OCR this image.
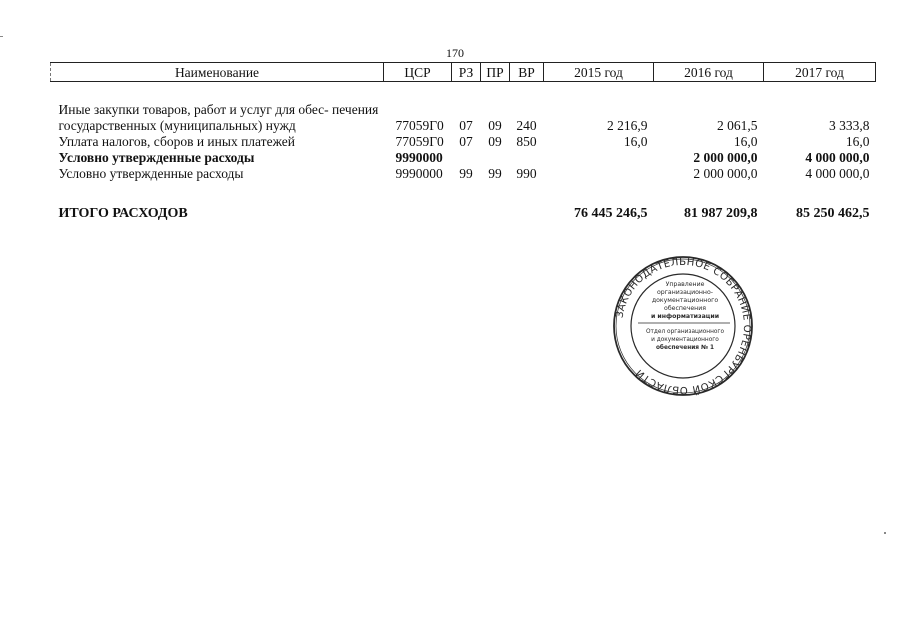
170
Наименование	ЦСР	РЗ	ПР	ВР	2015 год	2016 год	2017 год
Иные закупки товаров, работ и услуг для обес- печения государственных (муниципальных) нужд	77059Г0	07	09	240	2 216,9	2 061,5	3 333,8
Уплата налогов, сборов и иных платежей	77059Г0	07	09	850	16,0	16,0	16,0
Условно утвержденные расходы	9990000					2 000 000,0	4 000 000,0
Условно утвержденные расходы	9990000	99	99	990		2 000 000,0	4 000 000,0

ИТОГО РАСХОДОВ					76 445 246,5	81 987 209,8	85 250 462,5
ЗАКОНОДАТЕЛЬНОЕ СОБРАНИЕ ОРЕНБУРГСКОЙ ОБЛАСТИ
Управление
организационно-
документационного
обеспечения
и информатизации
Отдел организационного
и документационного
обеспечения № 1
